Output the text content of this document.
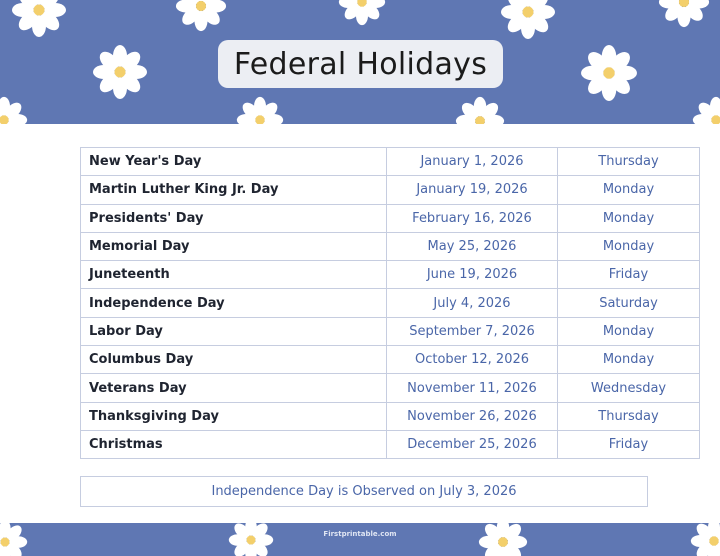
Federal Holidays
New Year's Day	January 1, 2026	Thursday
Martin Luther King Jr. Day	January 19, 2026	Monday
Presidents' Day	February 16, 2026	Monday
Memorial Day	May 25, 2026	Monday
Juneteenth	June 19, 2026	Friday
Independence Day	July 4, 2026	Saturday
Labor Day	September 7, 2026	Monday
Columbus Day	October 12, 2026	Monday
Veterans Day	November 11, 2026	Wednesday
Thanksgiving Day	November 26, 2026	Thursday
Christmas	December 25, 2026	Friday
Independence Day is Observed on July 3, 2026
Firstprintable.com
